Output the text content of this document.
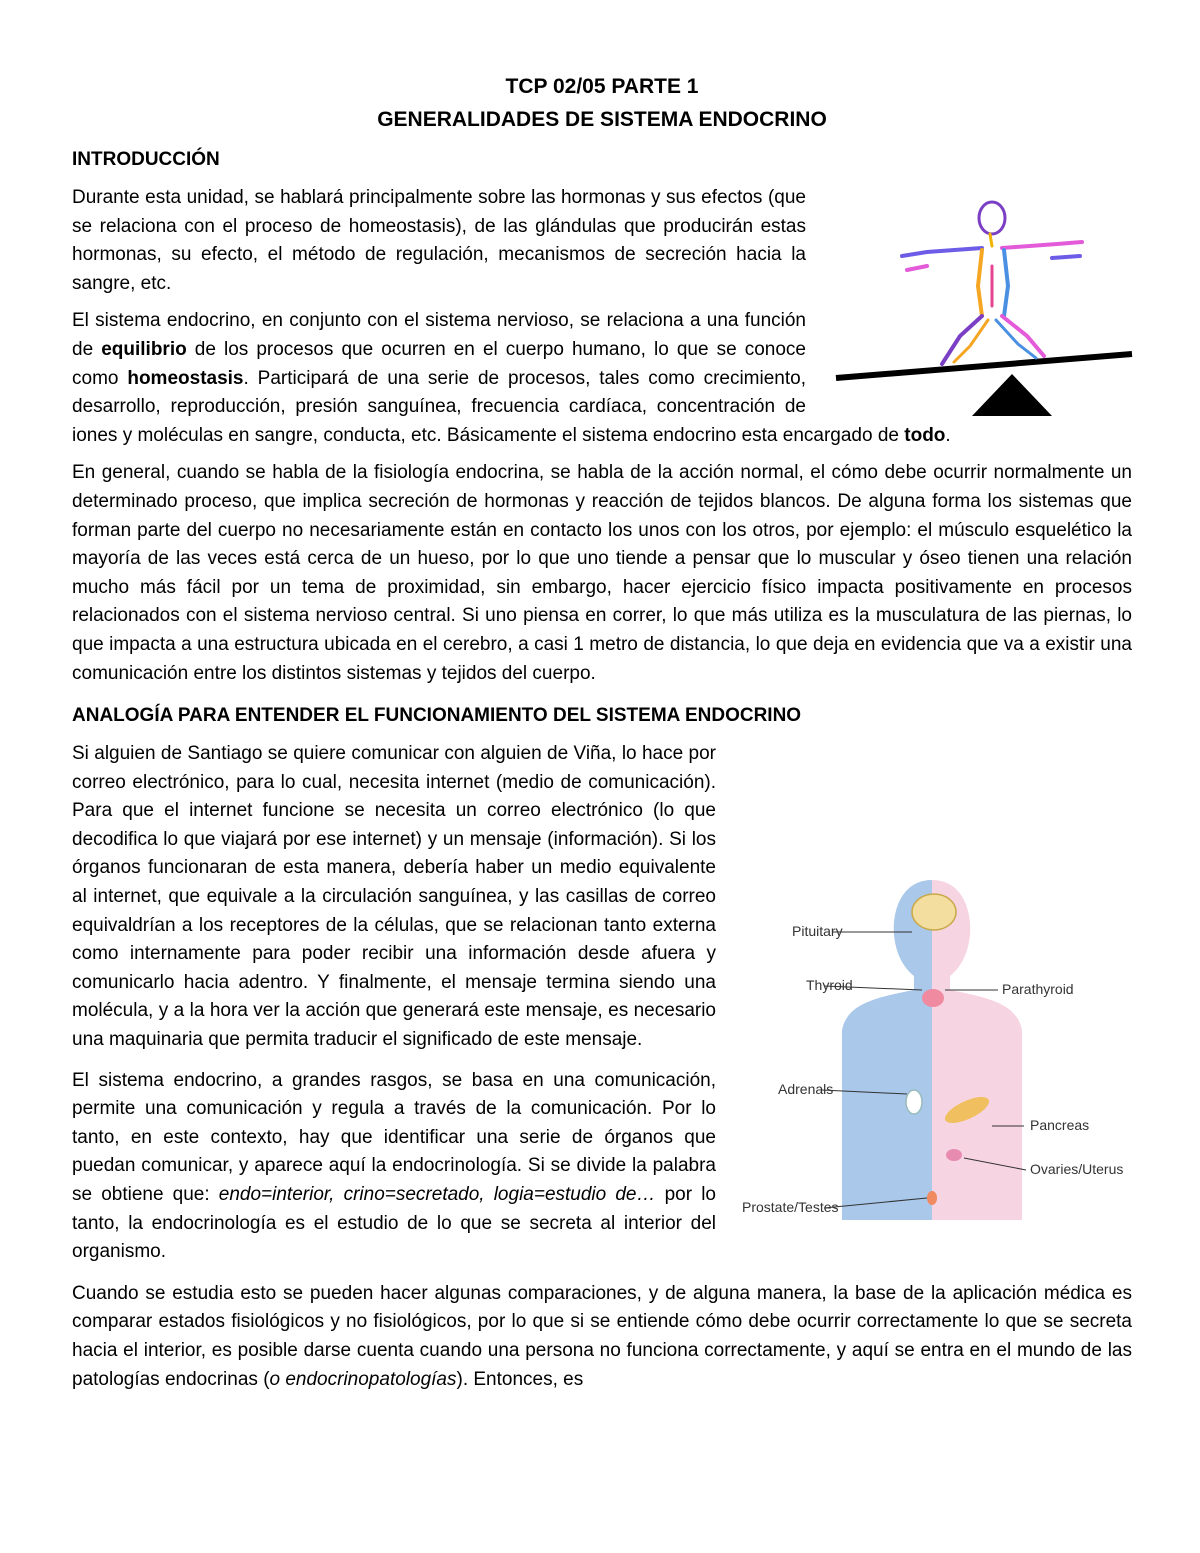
TCP 02/05 PARTE 1

GENERALIDADES DE SISTEMA ENDOCRINO

INTRODUCCIÓN

Durante esta unidad, se hablará principalmente sobre las hormonas y sus efectos (que se relaciona con el proceso de homeostasis), de las glándulas que producirán estas hormonas, su efecto, el método de regulación, mecanismos de secreción hacia la sangre, etc.

El sistema endocrino, en conjunto con el sistema nervioso, se relaciona a una función de equilibrio de los procesos que ocurren en el cuerpo humano, lo que se conoce como homeostasis. Participará de una serie de procesos, tales como crecimiento, desarrollo, reproducción, presión sanguínea, frecuencia cardíaca, concentración de iones y moléculas en sangre, conducta, etc. Básicamente el sistema endocrino esta encargado de todo.

En general, cuando se habla de la fisiología endocrina, se habla de la acción normal, el cómo debe ocurrir normalmente un determinado proceso, que implica secreción de hormonas y reacción de tejidos blancos. De alguna forma los sistemas que forman parte del cuerpo no necesariamente están en contacto los unos con los otros, por ejemplo: el músculo esquelético la mayoría de las veces está cerca de un hueso, por lo que uno tiende a pensar que lo muscular y óseo tienen una relación mucho más fácil por un tema de proximidad, sin embargo, hacer ejercicio físico impacta positivamente en procesos relacionados con el sistema nervioso central. Si uno piensa en correr, lo que más utiliza es la musculatura de las piernas, lo que impacta a una estructura ubicada en el cerebro, a casi 1 metro de distancia, lo que deja en evidencia que va a existir una comunicación entre los distintos sistemas y tejidos del cuerpo.

ANALOGÍA PARA ENTENDER EL FUNCIONAMIENTO DEL SISTEMA ENDOCRINO

Pituitary
Thyroid	Parathyroid
Adrenals
Pancreas
Ovaries/Uterus
Prostate/Testes
Si alguien de Santiago se quiere comunicar con alguien de Viña, lo hace por correo electrónico, para lo cual, necesita internet (medio de comunicación). Para que el internet funcione se necesita un correo electrónico (lo que decodifica lo que viajará por ese internet) y un mensaje (información). Si los órganos funcionaran de esta manera, debería haber un medio equivalente al internet, que equivale a la circulación sanguínea, y las casillas de correo equivaldrían a los receptores de la células, que se relacionan tanto externa como internamente para poder recibir una información desde afuera y comunicarlo hacia adentro. Y finalmente, el mensaje termina siendo una molécula, y a la hora ver la acción que generará este mensaje, es necesario una maquinaria que permita traducir el significado de este mensaje.

El sistema endocrino, a grandes rasgos, se basa en una comunicación, permite una comunicación y regula a través de la comunicación. Por lo tanto, en este contexto, hay que identificar una serie de órganos que puedan comunicar, y aparece aquí la endocrinología. Si se divide la palabra se obtiene que: endo=interior, crino=secretado, logia=estudio de… por lo tanto, la endocrinología es el estudio de lo que se secreta al interior del organismo.

Cuando se estudia esto se pueden hacer algunas comparaciones, y de alguna manera, la base de la aplicación médica es comparar estados fisiológicos y no fisiológicos, por lo que si se entiende cómo debe ocurrir correctamente lo que se secreta hacia el interior, es posible darse cuenta cuando una persona no funciona correctamente, y aquí se entra en el mundo de las patologías endocrinas (o endocrinopatologías). Entonces, es
